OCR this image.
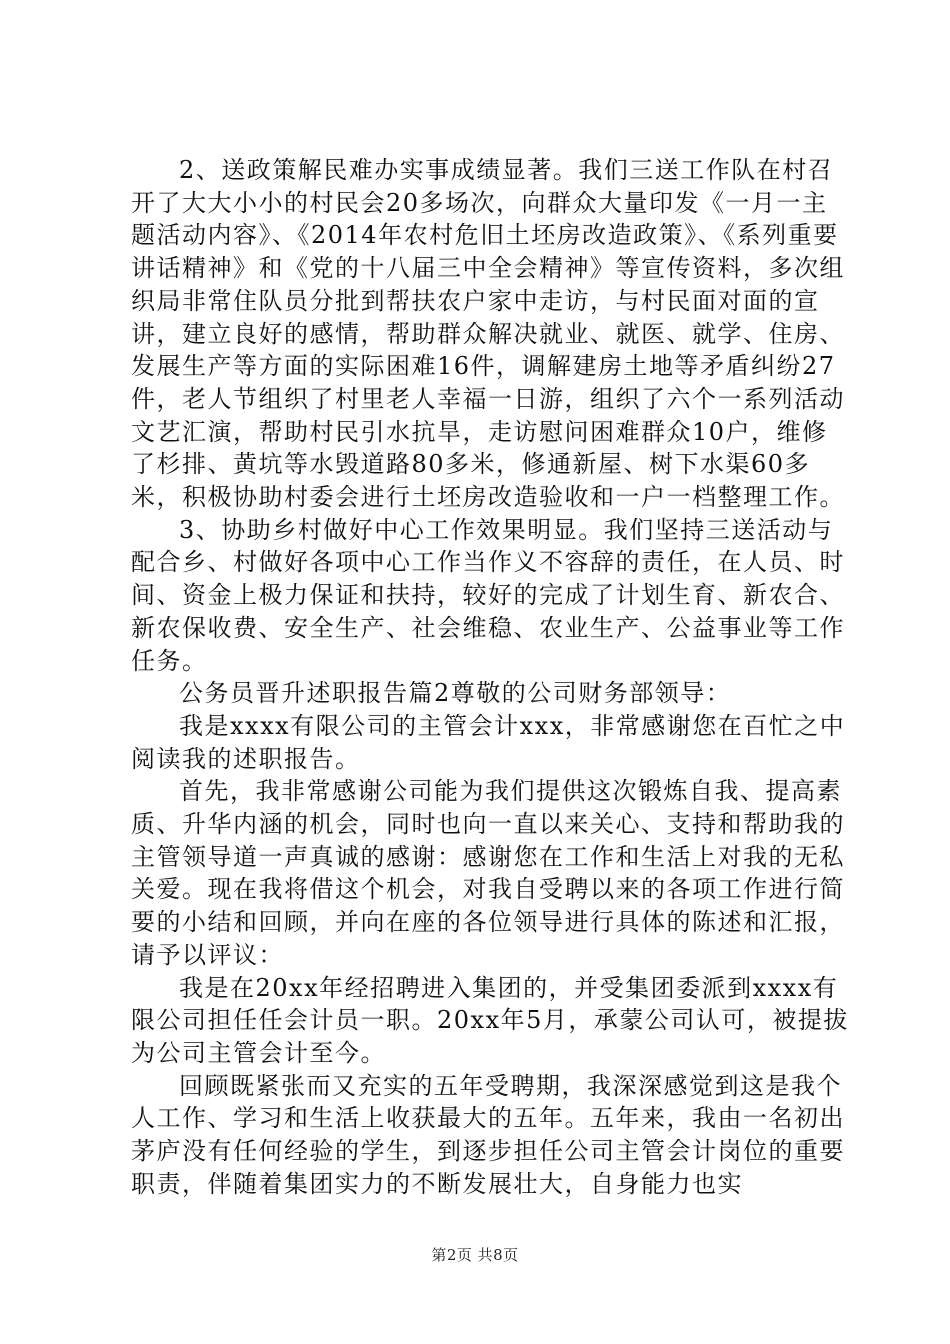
2、送政策解民难办实事成绩显著。我们三送工作队在村召开了大大小小的村民会20多场次，向群众大量印发《一月一主题活动内容》、《2014年农村危旧土坯房改造政策》、《系列重要讲话精神》和《党的十八届三中全会精神》等宣传资料，多次组织局非常住队员分批到帮扶农户家中走访，与村民面对面的宣讲，建立良好的感情，帮助群众解决就业、就医、就学、住房、发展生产等方面的实际困难16件，调解建房土地等矛盾纠纷27件，老人节组织了村里老人幸福一日游，组织了六个一系列活动文艺汇演，帮助村民引水抗旱，走访慰问困难群众10户，维修了杉排、黄坑等水毁道路80多米，修通新屋、树下水渠60多米，积极协助村委会进行土坯房改造验收和一户一档整理工作。

3、协助乡村做好中心工作效果明显。我们坚持三送活动与配合乡、村做好各项中心工作当作义不容辞的责任，在人员、时间、资金上极力保证和扶持，较好的完成了计划生育、新农合、新农保收费、安全生产、社会维稳、农业生产、公益事业等工作任务。

公务员晋升述职报告篇2尊敬的公司财务部领导：

我是xxxx有限公司的主管会计xxx，非常感谢您在百忙之中阅读我的述职报告。

首先，我非常感谢公司能为我们提供这次锻炼自我、提高素质、升华内涵的机会，同时也向一直以来关心、支持和帮助我的主管领导道一声真诚的感谢：感谢您在工作和生活上对我的无私关爱。现在我将借这个机会，对我自受聘以来的各项工作进行简要的小结和回顾，并向在座的各位领导进行具体的陈述和汇报，请予以评议：

我是在20xx年经招聘进入集团的，并受集团委派到xxxx有限公司担任任会计员一职。20xx年5月，承蒙公司认可，被提拔为公司主管会计至今。

回顾既紧张而又充实的五年受聘期，我深深感觉到这是我个人工作、学习和生活上收获最大的五年。五年来，我由一名初出茅庐没有任何经验的学生，到逐步担任公司主管会计岗位的重要职责，伴随着集团实力的不断发展壮大，自身能力也实

第2页 共8页
